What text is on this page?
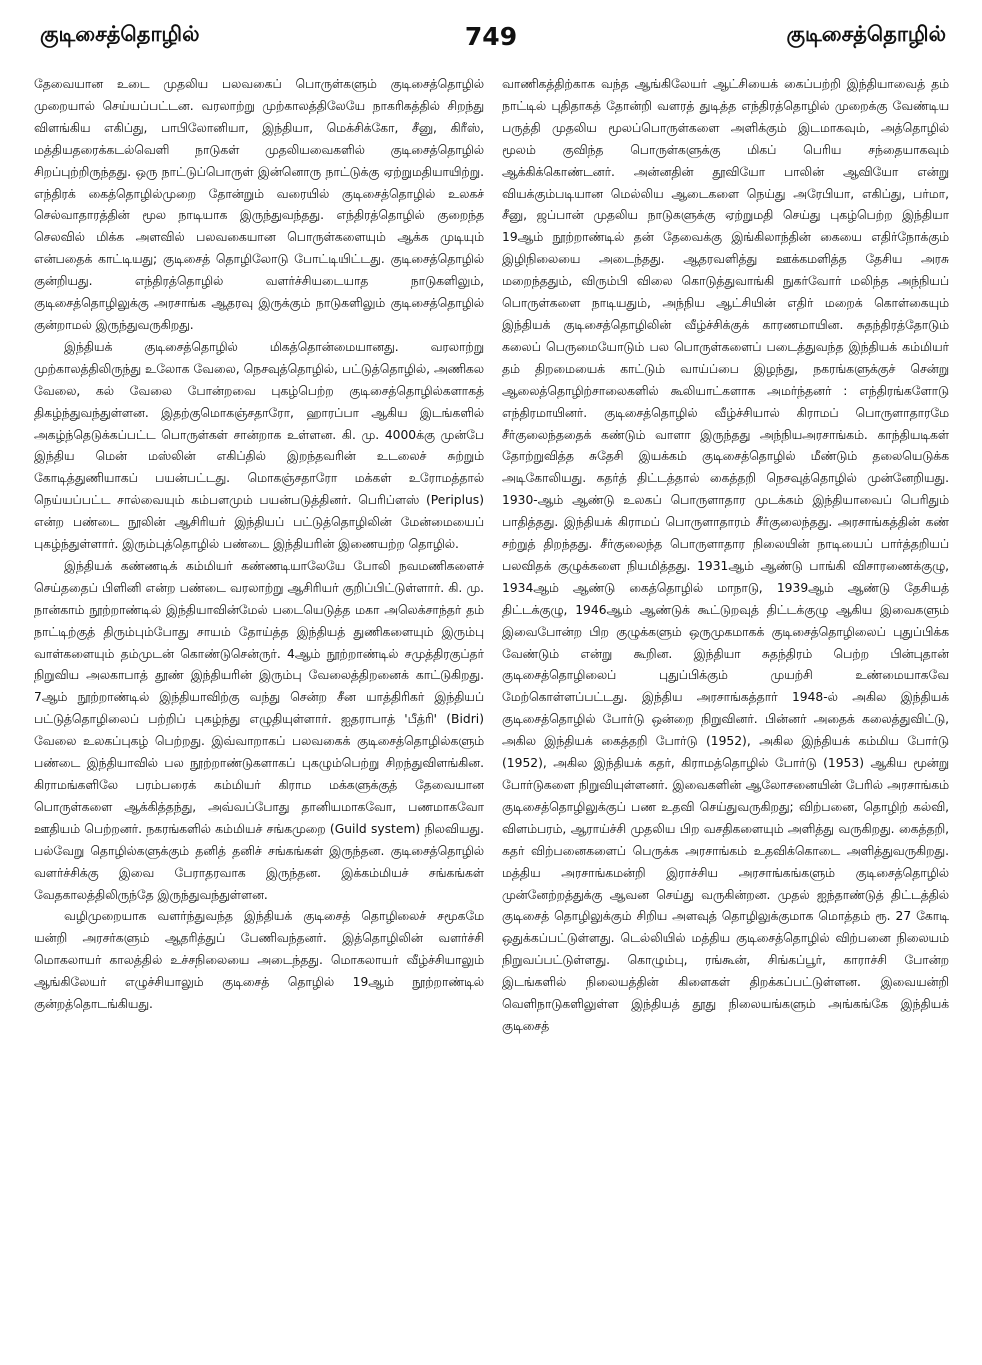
குடிசைத்தொழில்	749	குடிசைத்தொழில்

தேவையான உடை முதலிய பலவகைப் பொருள்களும் குடிசைத்தொழில் முறையால் செய்யப்பட்டன. வரலாற்று முற்காலத்திலேயே நாகரிகத்தில் சிறந்து விளங்கிய எகிப்து, பாபிலோனியா, இந்தியா, மெக்சிக்கோ, சீனு, கிரீஸ், மத்தியதரைக்கடல்வெளி நாடுகள் முதலியவைகளில் குடிசைத்தொழில் சிறப்புற்றிருந்தது. ஒரு நாட்டுப்பொருள் இன்னொரு நாட்டுக்கு ஏற்றுமதியாயிற்று. எந்திரக் கைத்தொழில்முறை தோன்றும் வரையில் குடிசைத்தொழில் உலகச் செல்வாதாரத்தின் மூல நாடியாக இருந்துவந்தது. எந்திரத்தொழில் குறைந்த செலவில் மிக்க அளவில் பலவகையான பொருள்களையும் ஆக்க முடியும் என்பதைக் காட்டியது; குடிசைத் தொழிலோடு போட்டியிட்டது. குடிசைத்தொழில் குன்றியது. எந்திரத்தொழில் வளர்ச்சியடையாத நாடுகளிலும், குடிசைத்தொழிலுக்கு அரசாங்க ஆதரவு இருக்கும் நாடுகளிலும் குடிசைத்தொழில் குன்றாமல் இருந்துவருகிறது.

இந்தியக் குடிசைத்தொழில் மிகத்தொன்மையானது. வரலாற்று முற்காலத்திலிருந்து உலோக வேலை, நெசவுத்தொழில், பட்டுத்தொழில், அணிகல வேலை, கல் வேலை போன்றவை புகழ்பெற்ற குடிசைத்தொழில்களாகத் திகழ்ந்துவந்துள்ளன. இதற்குமொகஞ்சதாரோ, ஹாரப்பா ஆகிய இடங்களில் அகழ்ந்தெடுக்கப்பட்ட பொருள்கள் சான்றாக உள்ளன. கி. மு. 4000க்கு முன்பே இந்திய மென் மஸ்லின் எகிப்தில் இறந்தவரின் உடலைச் சுற்றும் கோடித்துணியாகப் பயன்பட்டது. மொகஞ்சதாரோ மக்கள் உரோமத்தால் நெய்யப்பட்ட சால்வையும் கம்பளமும் பயன்படுத்தினர். பெரிப்ளஸ் (Periplus) என்ற பண்டை நூலின் ஆசிரியர் இந்தியப் பட்டுத்தொழிலின் மேன்மையைப் புகழ்ந்துள்ளார். இரும்புத்தொழில் பண்டை இந்தியரின் இணையற்ற தொழில்.

இந்தியக் கண்ணடிக் கம்மியர் கண்ணடியாலேயே போலி நவமணிகளைச் செய்ததைப் பிளினி என்ற பண்டை வரலாற்று ஆசிரியர் குறிப்பிட்டுள்ளார். கி. மு. நான்காம் நூற்றாண்டில் இந்தியாவின்மேல் படையெடுத்த மகா அலெக்சாந்தர் தம் நாட்டிற்குத் திரும்பும்போது சாயம் தோய்த்த இந்தியத் துணிகளையும் இரும்பு வாள்களையும் தம்முடன் கொண்டுசென்ருர். 4ஆம் நூற்றாண்டில் சமுத்திரகுப்தர் நிறுவிய அலகாபாத் தூண் இந்தியரின் இரும்பு வேலைத்திறனைக் காட்டுகிறது. 7ஆம் நூற்றாண்டில் இந்தியாவிற்கு வந்து சென்ற சீன யாத்திரிகர் இந்தியப் பட்டுத்தொழிலைப் பற்றிப் புகழ்ந்து எழுதியுள்ளார். ஐதராபாத் 'பீத்ரி' (Bidri) வேலை உலகப்புகழ் பெற்றது. இவ்வாறாகப் பலவகைக் குடிசைத்தொழில்களும் பண்டை இந்தியாவில் பல நூற்றாண்டுகளாகப் புகழும்பெற்று சிறந்துவிளங்கின. கிராமங்களிலே பரம்பரைக் கம்மியர் கிராம மக்களுக்குத் தேவையான பொருள்களை ஆக்கித்தந்து, அவ்வப்போது தானியமாகவோ, பணமாகவோ ஊதியம் பெற்றனர். நகரங்களில் கம்மியச் சங்கமுறை (Guild system) நிலவியது. பல்வேறு தொழில்களுக்கும் தனித் தனிச் சங்கங்கள் இருந்தன. குடிசைத்தொழில் வளர்ச்சிக்கு இவை பேராதரவாக இருந்தன. இக்கம்மியச் சங்கங்கள் வேதகாலத்திலிருந்தே இருந்துவந்துள்ளன.

வழிமுறையாக வளர்ந்துவந்த இந்தியக் குடிசைத் தொழிலைச் சமூகமே யன்றி அரசர்களும் ஆதரித்துப் பேணிவந்தனர். இத்தொழிலின் வளர்ச்சி மொகலாயர் காலத்தில் உச்சநிலையை அடைந்தது. மொகலாயர் வீழ்ச்சியாலும் ஆங்கிலேயர் எழுச்சியாலும் குடிசைத் தொழில் 19ஆம் நூற்றாண்டில் குன்றத்தொடங்கியது.

வாணிகத்திற்காக வந்த ஆங்கிலேயர் ஆட்சியைக் கைப்பற்றி இந்தியாவைத் தம் நாட்டில் புதிதாகத் தோன்றி வளரத் துடித்த எந்திரத்தொழில் முறைக்கு வேண்டிய பருத்தி முதலிய மூலப்பொருள்களை அளிக்கும் இடமாகவும், அத்தொழில் மூலம் குவிந்த பொருள்களுக்கு மிகப் பெரிய சந்தையாகவும் ஆக்கிக்கொண்டனர். அன்னதின் தூவியோ பாலின் ஆவியோ என்று வியக்கும்படியான மெல்லிய ஆடைகளை நெய்து அரேபியா, எகிப்து, பர்மா, சீனு, ஜப்பான் முதலிய நாடுகளுக்கு ஏற்றுமதி செய்து புகழ்பெற்ற இந்தியா 19ஆம் நூற்றாண்டில் தன் தேவைக்கு இங்கிலாந்தின் கையை எதிர்நோக்கும் இழிநிலையை அடைந்தது. ஆதரவளித்து ஊக்கமளித்த தேசிய அரசு மறைந்ததும், விரும்பி விலை கொடுத்துவாங்கி நுகர்வோர் மலிந்த அந்நியப் பொருள்களை நாடியதும், அந்நிய ஆட்சியின் எதிர் மறைக் கொள்கையும் இந்தியக் குடிசைத்தொழிலின் வீழ்ச்சிக்குக் காரணமாயின. சுதந்திரத்தோடும் கலைப் பெருமையோடும் பல பொருள்களைப் படைத்துவந்த இந்தியக் கம்மியர் தம் திறமையைக் காட்டும் வாய்ப்பை இழந்து, நகரங்களுக்குச் சென்று ஆலைத்தொழிற்சாலைகளில் கூலியாட்களாக அமர்ந்தனர் : எந்திரங்களோடு எந்திரமாயினர். குடிசைத்தொழில் வீழ்ச்சியால் கிராமப் பொருளாதாரமே சீர்குலைந்ததைக் கண்டும் வாளா இருந்தது அந்நியஅரசாங்கம். காந்தியடிகள் தோற்றுவித்த சுதேசி இயக்கம் குடிசைத்தொழில் மீண்டும் தலையெடுக்க அடிகோலியது. கதர்த் திட்டத்தால் கைத்தறி நெசவுத்தொழில் முன்னேறியது. 1930-ஆம் ஆண்டு உலகப் பொருளாதார முடக்கம் இந்தியாவைப் பெரிதும் பாதித்தது. இந்தியக் கிராமப் பொருளாதாரம் சீர்குலைந்தது. அரசாங்கத்தின் கண் சற்றுத் திறந்தது. சீர்குலைந்த பொருளாதார நிலையின் நாடியைப் பார்த்தறியப் பலவிதக் குழுக்களை நியமித்தது. 1931ஆம் ஆண்டு பாங்கி விசாரணைக்குழு, 1934ஆம் ஆண்டு கைத்தொழில் மாநாடு, 1939ஆம் ஆண்டு தேசியத் திட்டக்குழு, 1946ஆம் ஆண்டுக் கூட்டுறவுத் திட்டக்குழு ஆகிய இவைகளும் இவைபோன்ற பிற குழுக்களும் ஒருமுகமாகக் குடிசைத்தொழிலைப் புதுப்பிக்க வேண்டும் என்று கூறின. இந்தியா சுதந்திரம் பெற்ற பின்புதான் குடிசைத்தொழிலைப் புதுப்பிக்கும் முயற்சி உண்மையாகவே மேற்கொள்ளப்பட்டது. இந்திய அரசாங்கத்தார் 1948-ல் அகில இந்தியக் குடிசைத்தொழில் போர்டு ஒன்றை நிறுவினர். பின்னர் அதைக் கலைத்துவிட்டு, அகில இந்தியக் கைத்தறி போர்டு (1952), அகில இந்தியக் கம்மிய போர்டு (1952), அகில இந்தியக் கதர், கிராமத்தொழில் போர்டு (1953) ஆகிய மூன்று போர்டுகளை நிறுவியுள்ளனர். இவைகளின் ஆலோசனையின் பேரில் அரசாங்கம் குடிசைத்தொழிலுக்குப் பண உதவி செய்துவருகிறது; விற்பனை, தொழிற் கல்வி, விளம்பரம், ஆராய்ச்சி முதலிய பிற வசதிகளையும் அளித்து வருகிறது. கைத்தறி, கதர் விற்பனைகளைப் பெருக்க அரசாங்கம் உதவிக்கொடை அளித்துவருகிறது. மத்திய அரசாங்கமன்றி இராச்சிய அரசாங்கங்களும் குடிசைத்தொழில் முன்னேற்றத்துக்கு ஆவன செய்து வருகின்றன. முதல் ஐந்தாண்டுத் திட்டத்தில் குடிசைத் தொழிலுக்கும் சிறிய அளவுத் தொழிலுக்குமாக மொத்தம் ரூ. 27 கோடி ஒதுக்கப்பட்டுள்ளது. டெல்லியில் மத்திய குடிசைத்தொழில் விற்பனை நிலையம் நிறுவப்பட்டுள்ளது. கொழும்பு, ரங்கூன், சிங்கப்பூர், காராச்சி போன்ற இடங்களில் நிலையத்தின் கிளைகள் திறக்கப்பட்டுள்ளன. இவையன்றி வெளிநாடுகளிலுள்ள இந்தியத் தூது நிலையங்களும் அங்கங்கே இந்தியக் குடிசைத்
